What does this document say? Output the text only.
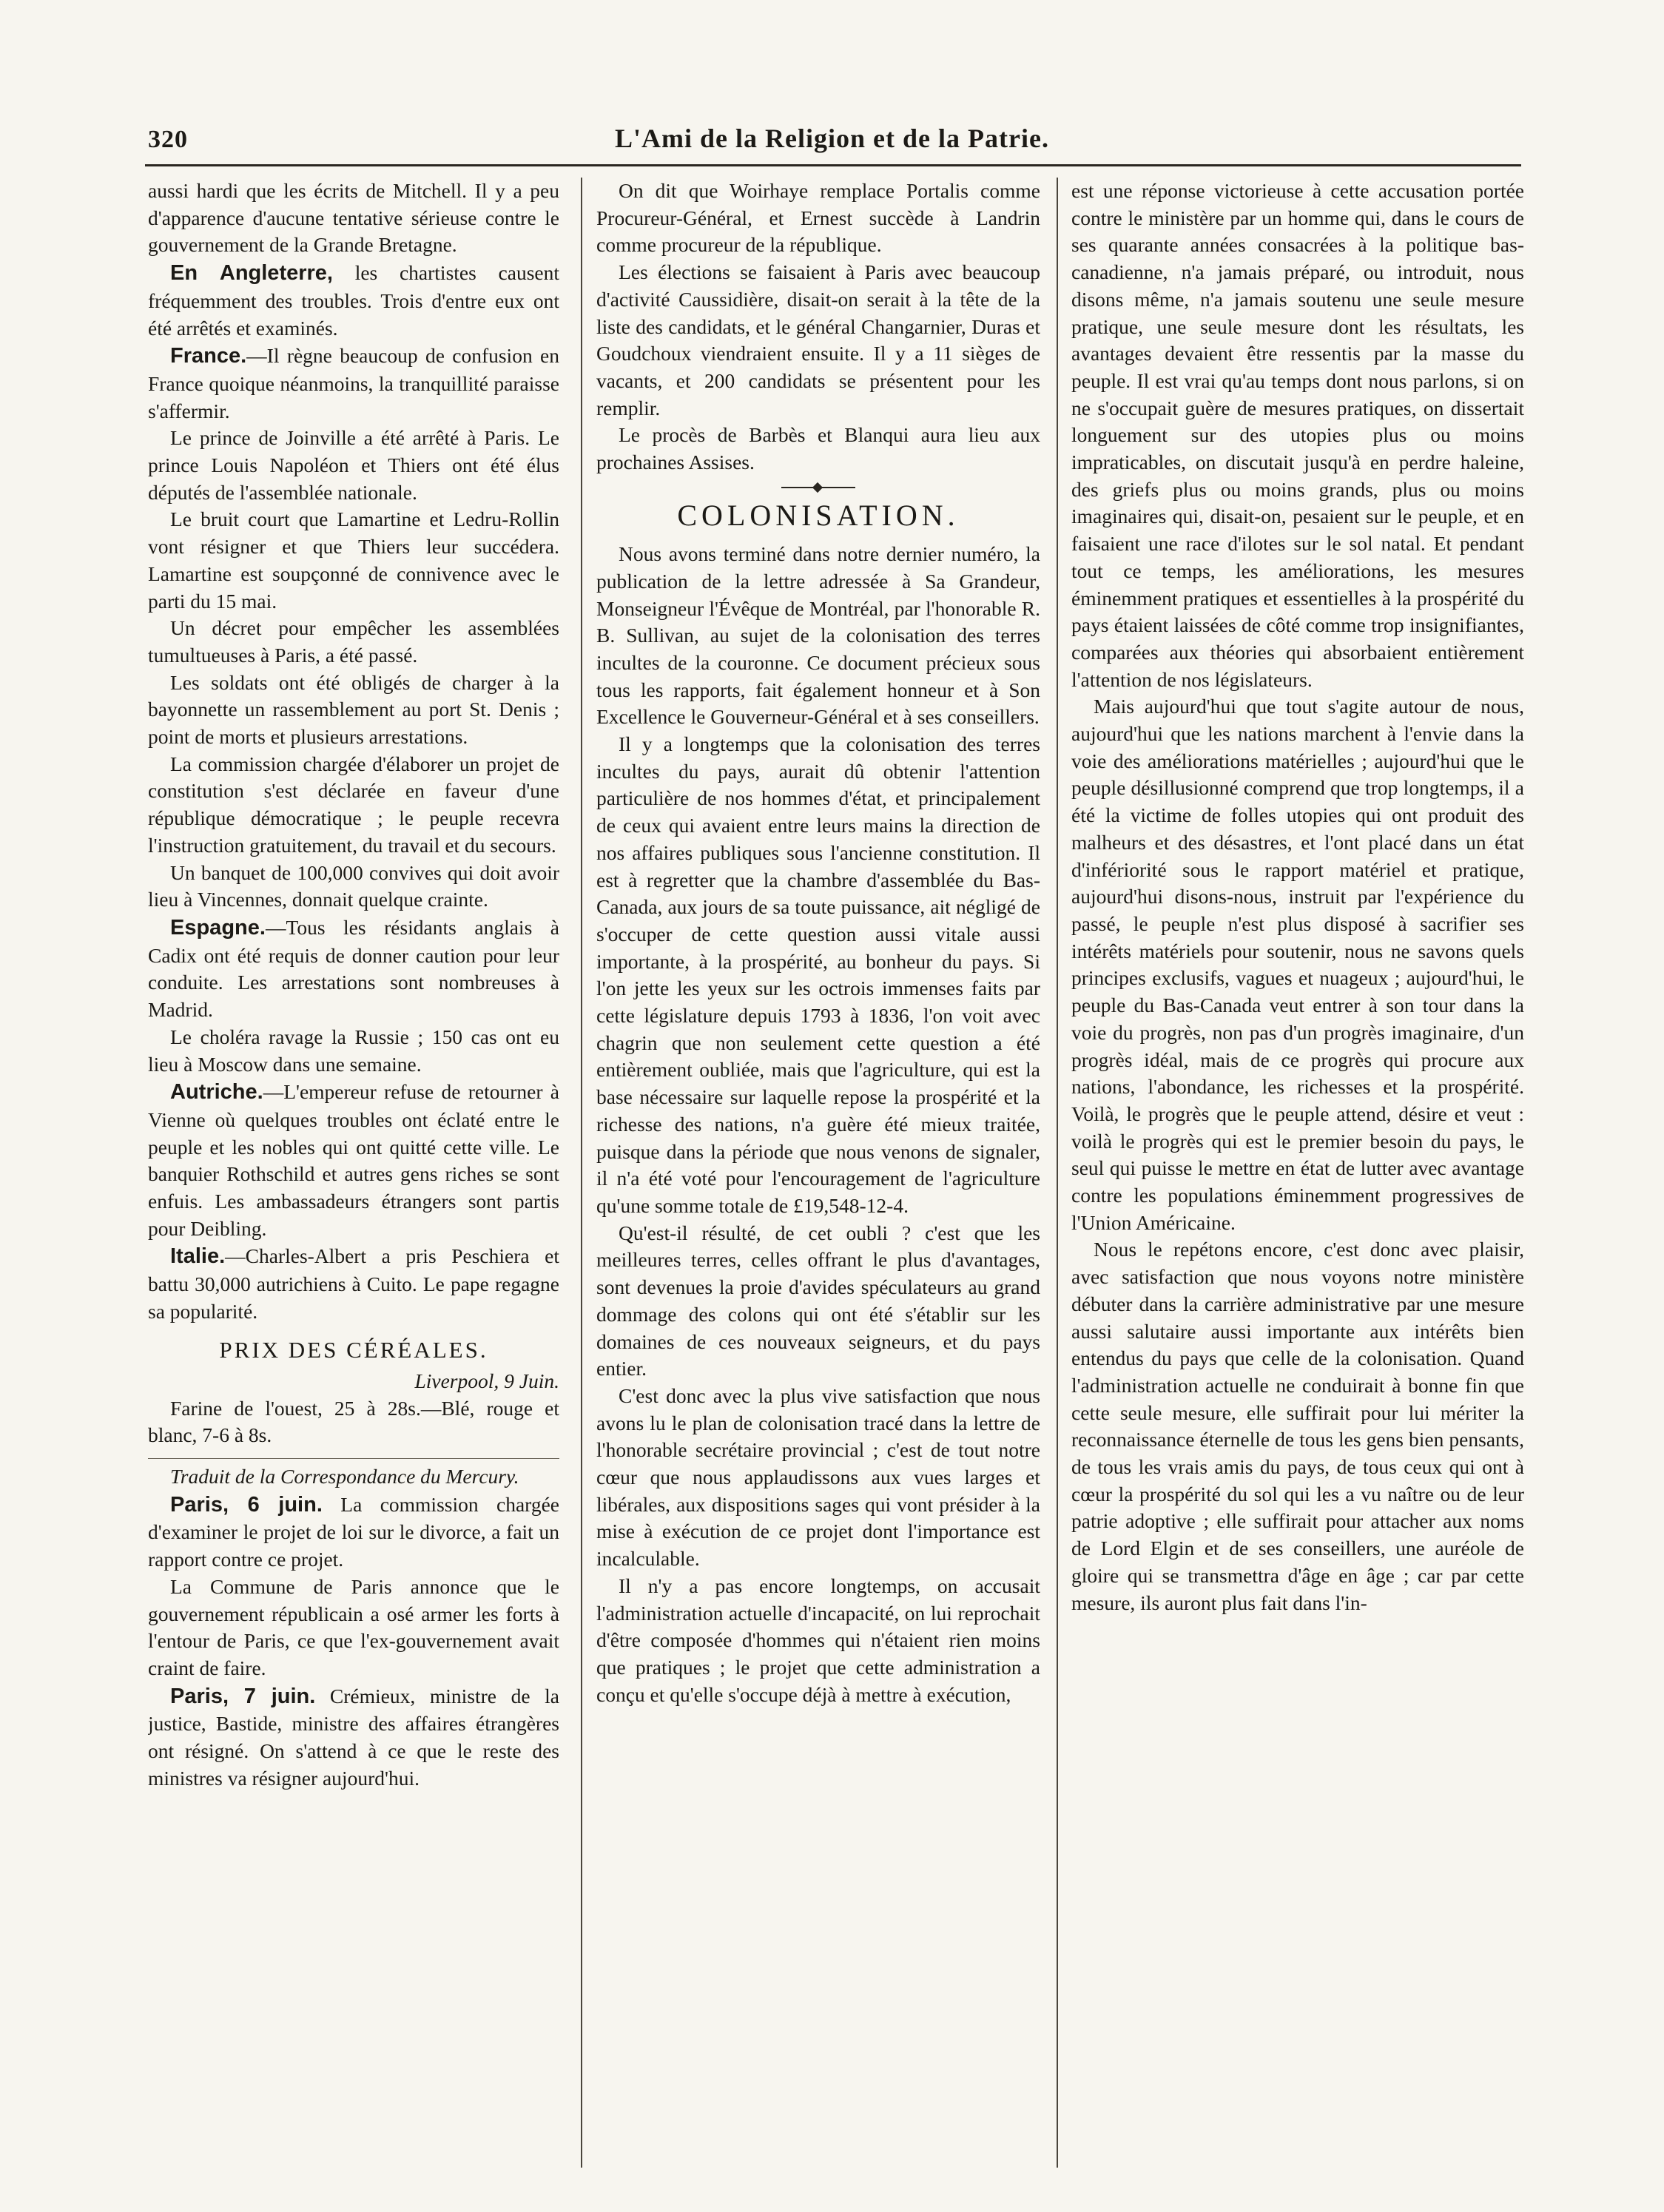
320	L'Ami de la Religion et de la Patrie.

aussi hardi que les écrits de Mitchell. Il y a peu d'apparence d'aucune tentative sérieuse contre le gouvernement de la Grande Bretagne.

En Angleterre, les chartistes causent fréquemment des troubles. Trois d'entre eux ont été arrêtés et examinés.

France.—Il règne beaucoup de confusion en France quoique néanmoins, la tranquillité paraisse s'affermir.

Le prince de Joinville a été arrêté à Paris. Le prince Louis Napoléon et Thiers ont été élus députés de l'assemblée nationale.

Le bruit court que Lamartine et Ledru-Rollin vont résigner et que Thiers leur succédera. Lamartine est soupçonné de connivence avec le parti du 15 mai.

Un décret pour empêcher les assemblées tumultueuses à Paris, a été passé.

Les soldats ont été obligés de charger à la bayonnette un rassemblement au port St. Denis ; point de morts et plusieurs arrestations.

La commission chargée d'élaborer un projet de constitution s'est déclarée en faveur d'une république démocratique ; le peuple recevra l'instruction gratuitement, du travail et du secours.

Un banquet de 100,000 convives qui doit avoir lieu à Vincennes, donnait quelque crainte.

Espagne.—Tous les résidants anglais à Cadix ont été requis de donner caution pour leur conduite. Les arrestations sont nombreuses à Madrid.

Le choléra ravage la Russie ; 150 cas ont eu lieu à Moscow dans une semaine.

Autriche.—L'empereur refuse de retourner à Vienne où quelques troubles ont éclaté entre le peuple et les nobles qui ont quitté cette ville. Le banquier Rothschild et autres gens riches se sont enfuis. Les ambassadeurs étrangers sont partis pour Deibling.

Italie.—Charles-Albert a pris Peschiera et battu 30,000 autrichiens à Cuito. Le pape regagne sa popularité.

PRIX DES CÉRÉALES.

Liverpool, 9 Juin.

Farine de l'ouest, 25 à 28s.—Blé, rouge et blanc, 7-6 à 8s.

Traduit de la Correspondance du Mercury.

Paris, 6 juin. La commission chargée d'examiner le projet de loi sur le divorce, a fait un rapport contre ce projet.

La Commune de Paris annonce que le gouvernement républicain a osé armer les forts à l'entour de Paris, ce que l'ex-gouvernement avait craint de faire.

Paris, 7 juin. Crémieux, ministre de la justice, Bastide, ministre des affaires étrangères ont résigné. On s'attend à ce que le reste des ministres va résigner aujourd'hui.

On dit que Woirhaye remplace Portalis comme Procureur-Général, et Ernest succède à Landrin comme procureur de la république.

Les élections se faisaient à Paris avec beaucoup d'activité Caussidière, disait-on serait à la tête de la liste des candidats, et le général Changarnier, Duras et Goudchoux viendraient ensuite. Il y a 11 sièges de vacants, et 200 candidats se présentent pour les remplir.

Le procès de Barbès et Blanqui aura lieu aux prochaines Assises.

COLONISATION.

Nous avons terminé dans notre dernier numéro, la publication de la lettre adressée à Sa Grandeur, Monseigneur l'Évêque de Montréal, par l'honorable R. B. Sullivan, au sujet de la colonisation des terres incultes de la couronne. Ce document précieux sous tous les rapports, fait également honneur et à Son Excellence le Gouverneur-Général et à ses conseillers.

Il y a longtemps que la colonisation des terres incultes du pays, aurait dû obtenir l'attention particulière de nos hommes d'état, et principalement de ceux qui avaient entre leurs mains la direction de nos affaires publiques sous l'ancienne constitution. Il est à regretter que la chambre d'assemblée du Bas-Canada, aux jours de sa toute puissance, ait négligé de s'occuper de cette question aussi vitale aussi importante, à la prospérité, au bonheur du pays. Si l'on jette les yeux sur les octrois immenses faits par cette législature depuis 1793 à 1836, l'on voit avec chagrin que non seulement cette question a été entièrement oubliée, mais que l'agriculture, qui est la base nécessaire sur laquelle repose la prospérité et la richesse des nations, n'a guère été mieux traitée, puisque dans la période que nous venons de signaler, il n'a été voté pour l'encouragement de l'agriculture qu'une somme totale de £19,548-12-4.

Qu'est-il résulté, de cet oubli ? c'est que les meilleures terres, celles offrant le plus d'avantages, sont devenues la proie d'avides spéculateurs au grand dommage des colons qui ont été s'établir sur les domaines de ces nouveaux seigneurs, et du pays entier.

C'est donc avec la plus vive satisfaction que nous avons lu le plan de colonisation tracé dans la lettre de l'honorable secrétaire provincial ; c'est de tout notre cœur que nous applaudissons aux vues larges et libérales, aux dispositions sages qui vont présider à la mise à exécution de ce projet dont l'importance est incalculable.

Il n'y a pas encore longtemps, on accusait l'administration actuelle d'incapacité, on lui reprochait d'être composée d'hommes qui n'étaient rien moins que pratiques ; le projet que cette administration a conçu et qu'elle s'occupe déjà à mettre à exécution,

est une réponse victorieuse à cette accusation portée contre le ministère par un homme qui, dans le cours de ses quarante années consacrées à la politique bas-canadienne, n'a jamais préparé, ou introduit, nous disons même, n'a jamais soutenu une seule mesure pratique, une seule mesure dont les résultats, les avantages devaient être ressentis par la masse du peuple. Il est vrai qu'au temps dont nous parlons, si on ne s'occupait guère de mesures pratiques, on dissertait longuement sur des utopies plus ou moins impraticables, on discutait jusqu'à en perdre haleine, des griefs plus ou moins grands, plus ou moins imaginaires qui, disait-on, pesaient sur le peuple, et en faisaient une race d'ilotes sur le sol natal. Et pendant tout ce temps, les améliorations, les mesures éminemment pratiques et essentielles à la prospérité du pays étaient laissées de côté comme trop insignifiantes, comparées aux théories qui absorbaient entièrement l'attention de nos législateurs.

Mais aujourd'hui que tout s'agite autour de nous, aujourd'hui que les nations marchent à l'envie dans la voie des améliorations matérielles ; aujourd'hui que le peuple désillusionné comprend que trop longtemps, il a été la victime de folles utopies qui ont produit des malheurs et des désastres, et l'ont placé dans un état d'infériorité sous le rapport matériel et pratique, aujourd'hui disons-nous, instruit par l'expérience du passé, le peuple n'est plus disposé à sacrifier ses intérêts matériels pour soutenir, nous ne savons quels principes exclusifs, vagues et nuageux ; aujourd'hui, le peuple du Bas-Canada veut entrer à son tour dans la voie du progrès, non pas d'un progrès imaginaire, d'un progrès idéal, mais de ce progrès qui procure aux nations, l'abondance, les richesses et la prospérité. Voilà, le progrès que le peuple attend, désire et veut : voilà le progrès qui est le premier besoin du pays, le seul qui puisse le mettre en état de lutter avec avantage contre les populations éminemment progressives de l'Union Américaine.

Nous le repétons encore, c'est donc avec plaisir, avec satisfaction que nous voyons notre ministère débuter dans la carrière administrative par une mesure aussi salutaire aussi importante aux intérêts bien entendus du pays que celle de la colonisation. Quand l'administration actuelle ne conduirait à bonne fin que cette seule mesure, elle suffirait pour lui mériter la reconnaissance éternelle de tous les gens bien pensants, de tous les vrais amis du pays, de tous ceux qui ont à cœur la prospérité du sol qui les a vu naître ou de leur patrie adoptive ; elle suffirait pour attacher aux noms de Lord Elgin et de ses conseillers, une auréole de gloire qui se transmettra d'âge en âge ; car par cette mesure, ils auront plus fait dans l'in-
